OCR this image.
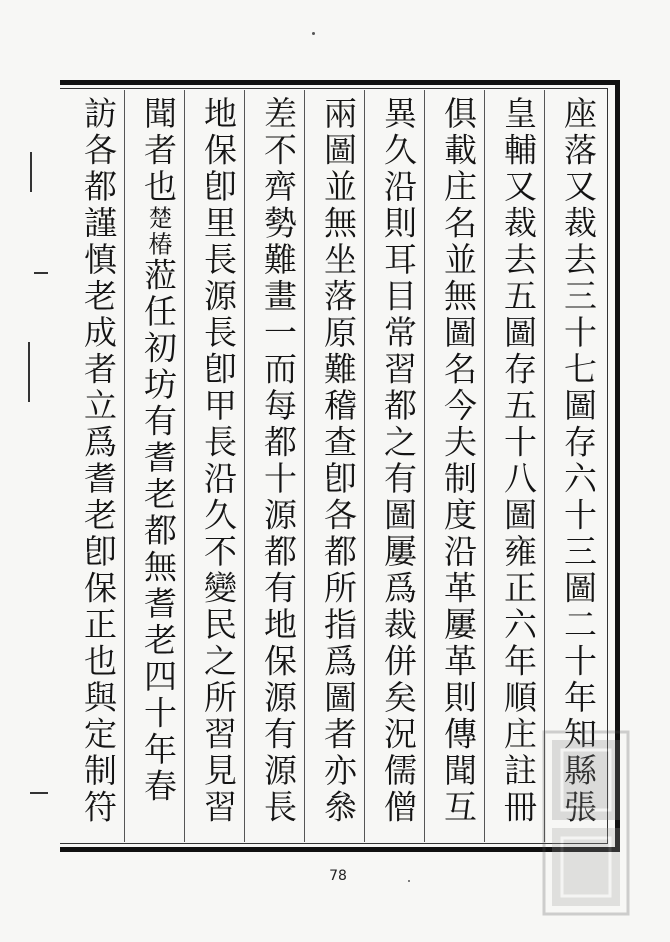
座落又裁去三十七圖存六十三圖二十年知縣張
皇輔又裁去五圖存五十八圖雍正六年順庄註冊
俱載庄名並無圖名今夫制度沿革屢革則傳聞互
異久沿則耳目常習都之有圖屢爲裁併矣況儒僧
兩圖並無坐落原難稽查卽各都所指爲圖者亦叅
差不齊勢難畫一而每都十源都有地保源有源長
地保卽里長源長卽甲長沿久不變民之所習見習
聞者也楚椿蒞任初坊有耆老都無耆老四十年春
訪各都謹慎老成者立爲耆老卽保正也與定制符
78
